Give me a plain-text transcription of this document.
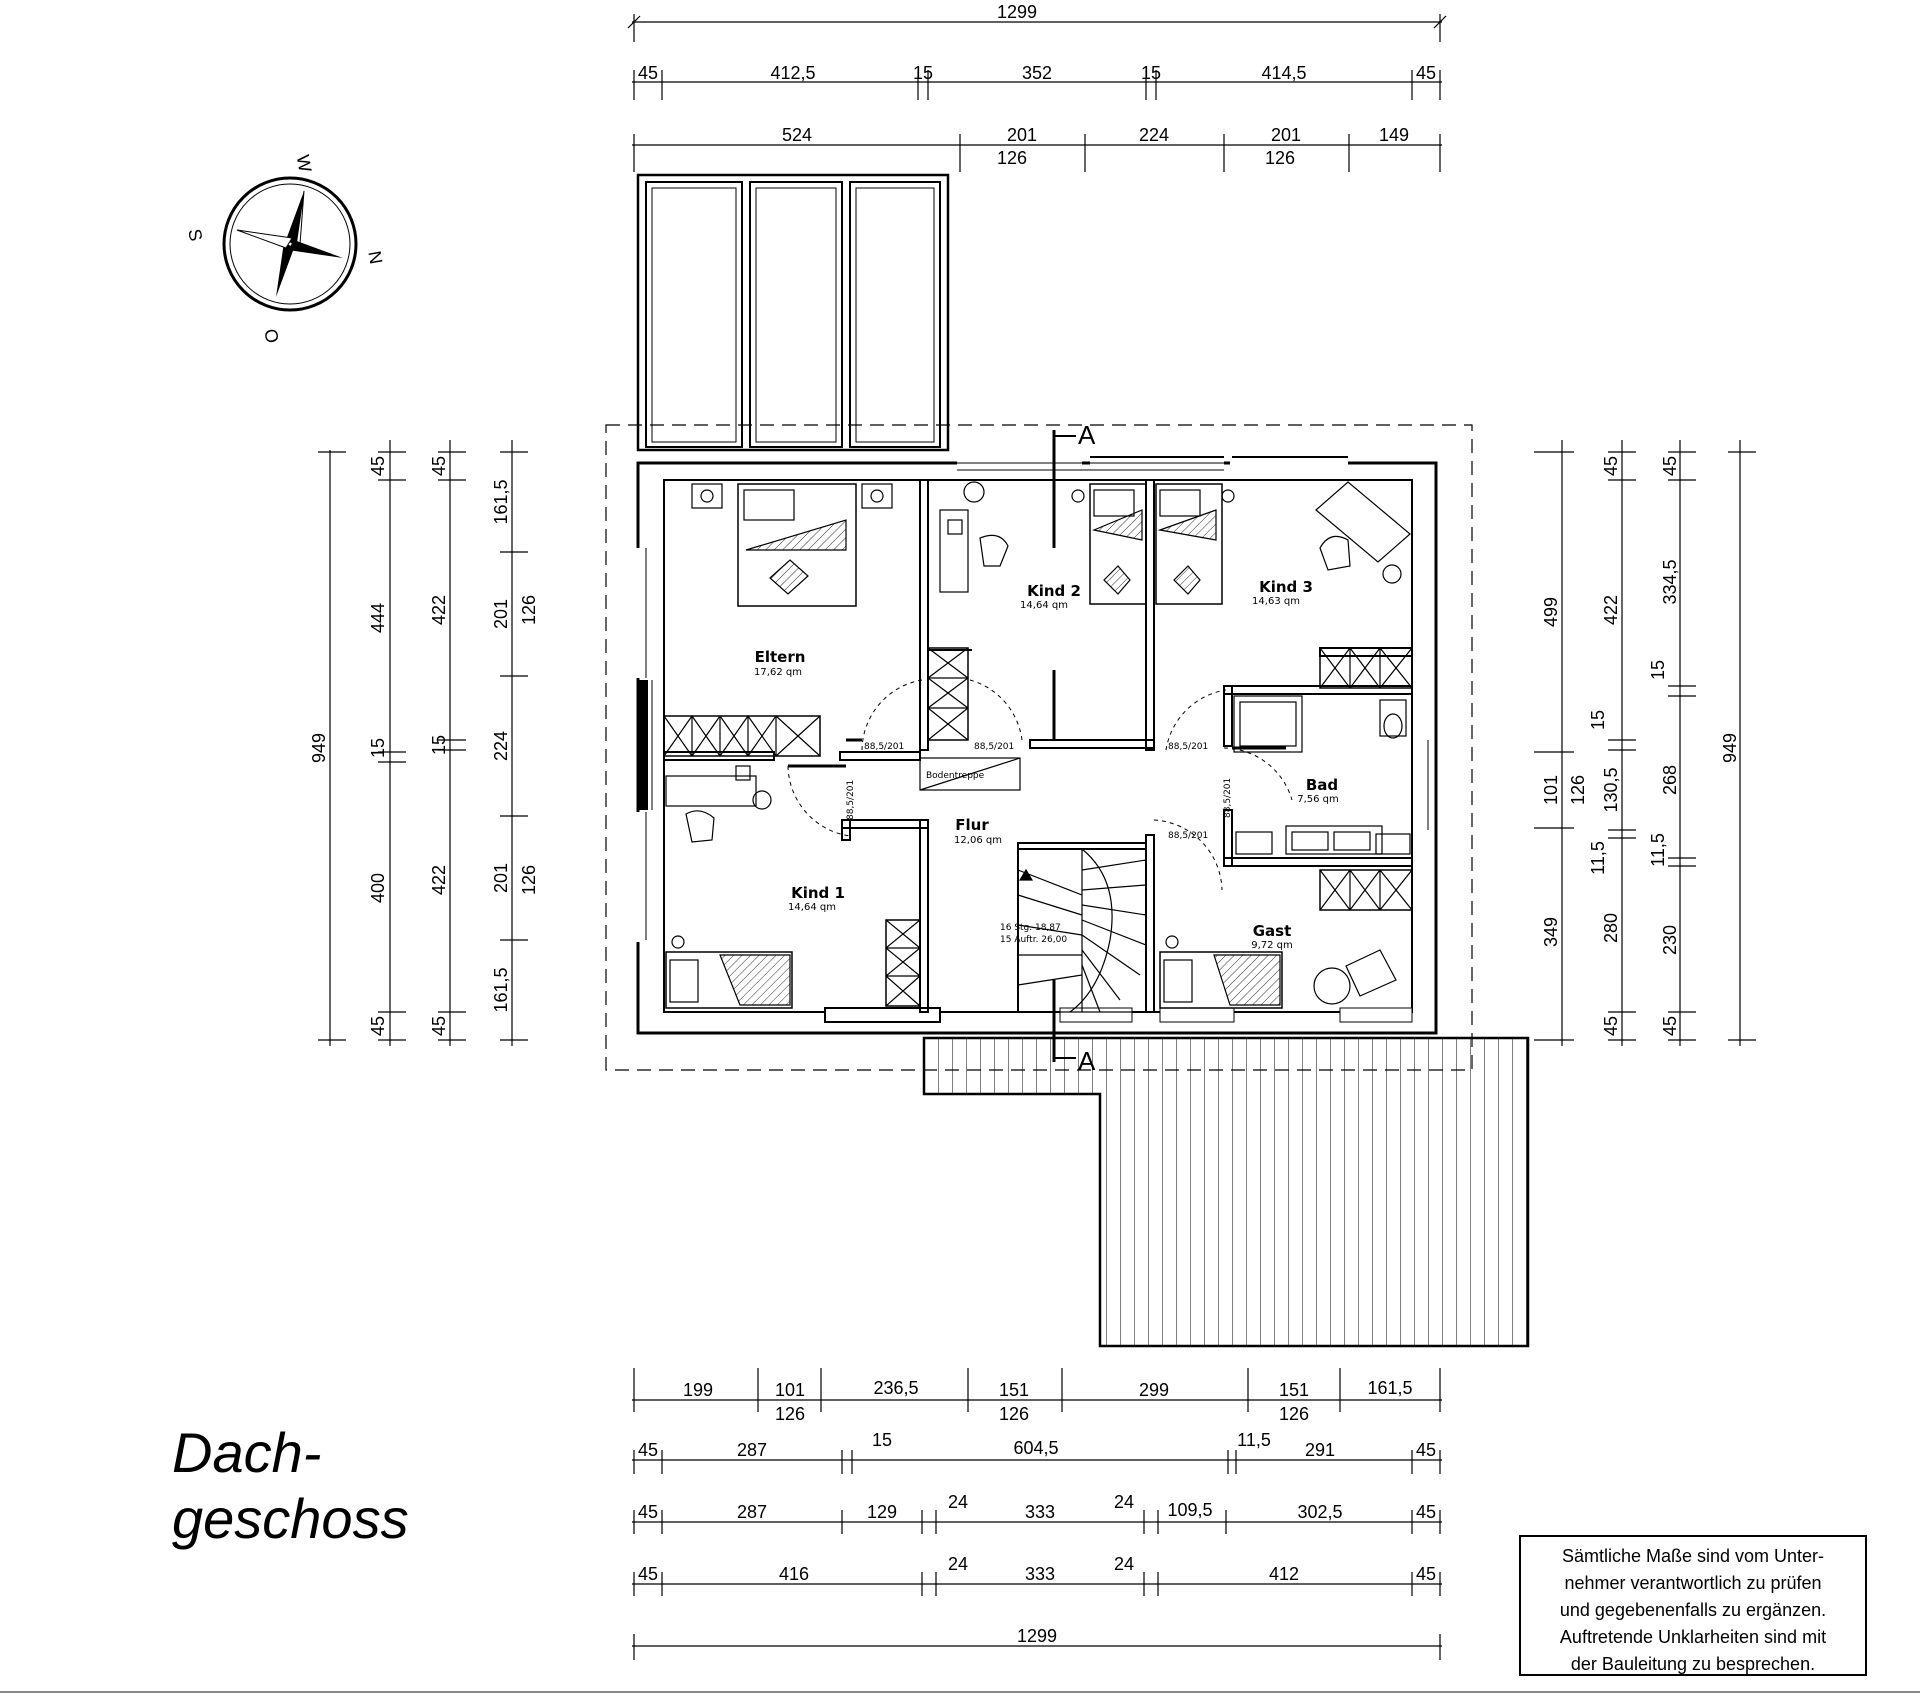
W
S
N
O
1299
45	412,5	15	352	15	414,5	45
524	201	224	201	149
126	126
A
A
Eltern
17,62 qm
Kind 2
14,64 qm
Kind 3
14,63 qm
Kind 1
14,64 qm
Flur
12,06 qm
Bad
7,56 qm
Gast
9,72 qm
Bodentreppe
16 Stg. 18,87
15 Auftr. 26,00
88,5/201	88,5/201	88,5/201
88,5/201
88,5/201	88,5/201
949
45
444
15
400
45
45
422
15
422
45
161,5
201
224
201
161,5
126
126
499
101
349
126
45
422
15
130,5
11,5
280
45
45
334,5
15
268
11,5
230
45
949
199	101	236,5	151	299	151	161,5
126	126	126
45	287	15	604,5	11,5 291	45
45	287	129	24	333	24 109,5	302,5	45
45	416	24	333	24	412	45
1299
Dach-
geschoss
Sämtliche Maße sind vom Unter-
nehmer verantwortlich zu prüfen
und gegebenenfalls zu ergänzen.
Auftretende Unklarheiten sind mit
der Bauleitung zu besprechen.
